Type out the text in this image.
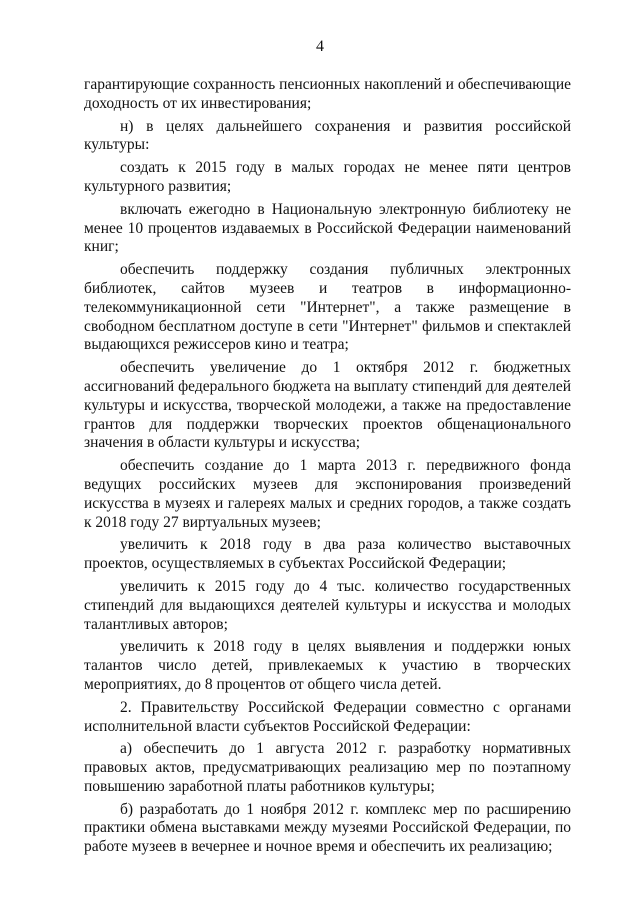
4

гарантирующие сохранность пенсионных накоплений и обеспечивающие доходность от их инвестирования;

н) в целях дальнейшего сохранения и развития российской культуры:

создать к 2015 году в малых городах не менее пяти центров культурного развития;

включать ежегодно в Национальную электронную библиотеку не менее 10 процентов издаваемых в Российской Федерации наименований книг;

обеспечить поддержку создания публичных электронных библиотек, сайтов музеев и театров в информационно-телекоммуникационной сети "Интернет", а также размещение в свободном бесплатном доступе в сети "Интернет" фильмов и спектаклей выдающихся режиссеров кино и театра;

обеспечить увеличение до 1 октября 2012 г. бюджетных ассигнований федерального бюджета на выплату стипендий для деятелей культуры и искусства, творческой молодежи, а также на предоставление грантов для поддержки творческих проектов общенационального значения в области культуры и искусства;

обеспечить создание до 1 марта 2013 г. передвижного фонда ведущих российских музеев для экспонирования произведений искусства в музеях и галереях малых и средних городов, а также создать к 2018 году 27 виртуальных музеев;

увеличить к 2018 году в два раза количество выставочных проектов, осуществляемых в субъектах Российской Федерации;

увеличить к 2015 году до 4 тыс. количество государственных стипендий для выдающихся деятелей культуры и искусства и молодых талантливых авторов;

увеличить к 2018 году в целях выявления и поддержки юных талантов число детей, привлекаемых к участию в творческих мероприятиях, до 8 процентов от общего числа детей.

2. Правительству Российской Федерации совместно с органами исполнительной власти субъектов Российской Федерации:

а) обеспечить до 1 августа 2012 г. разработку нормативных правовых актов, предусматривающих реализацию мер по поэтапному повышению заработной платы работников культуры;

б) разработать до 1 ноября 2012 г. комплекс мер по расширению практики обмена выставками между музеями Российской Федерации, по работе музеев в вечернее и ночное время и обеспечить их реализацию;
